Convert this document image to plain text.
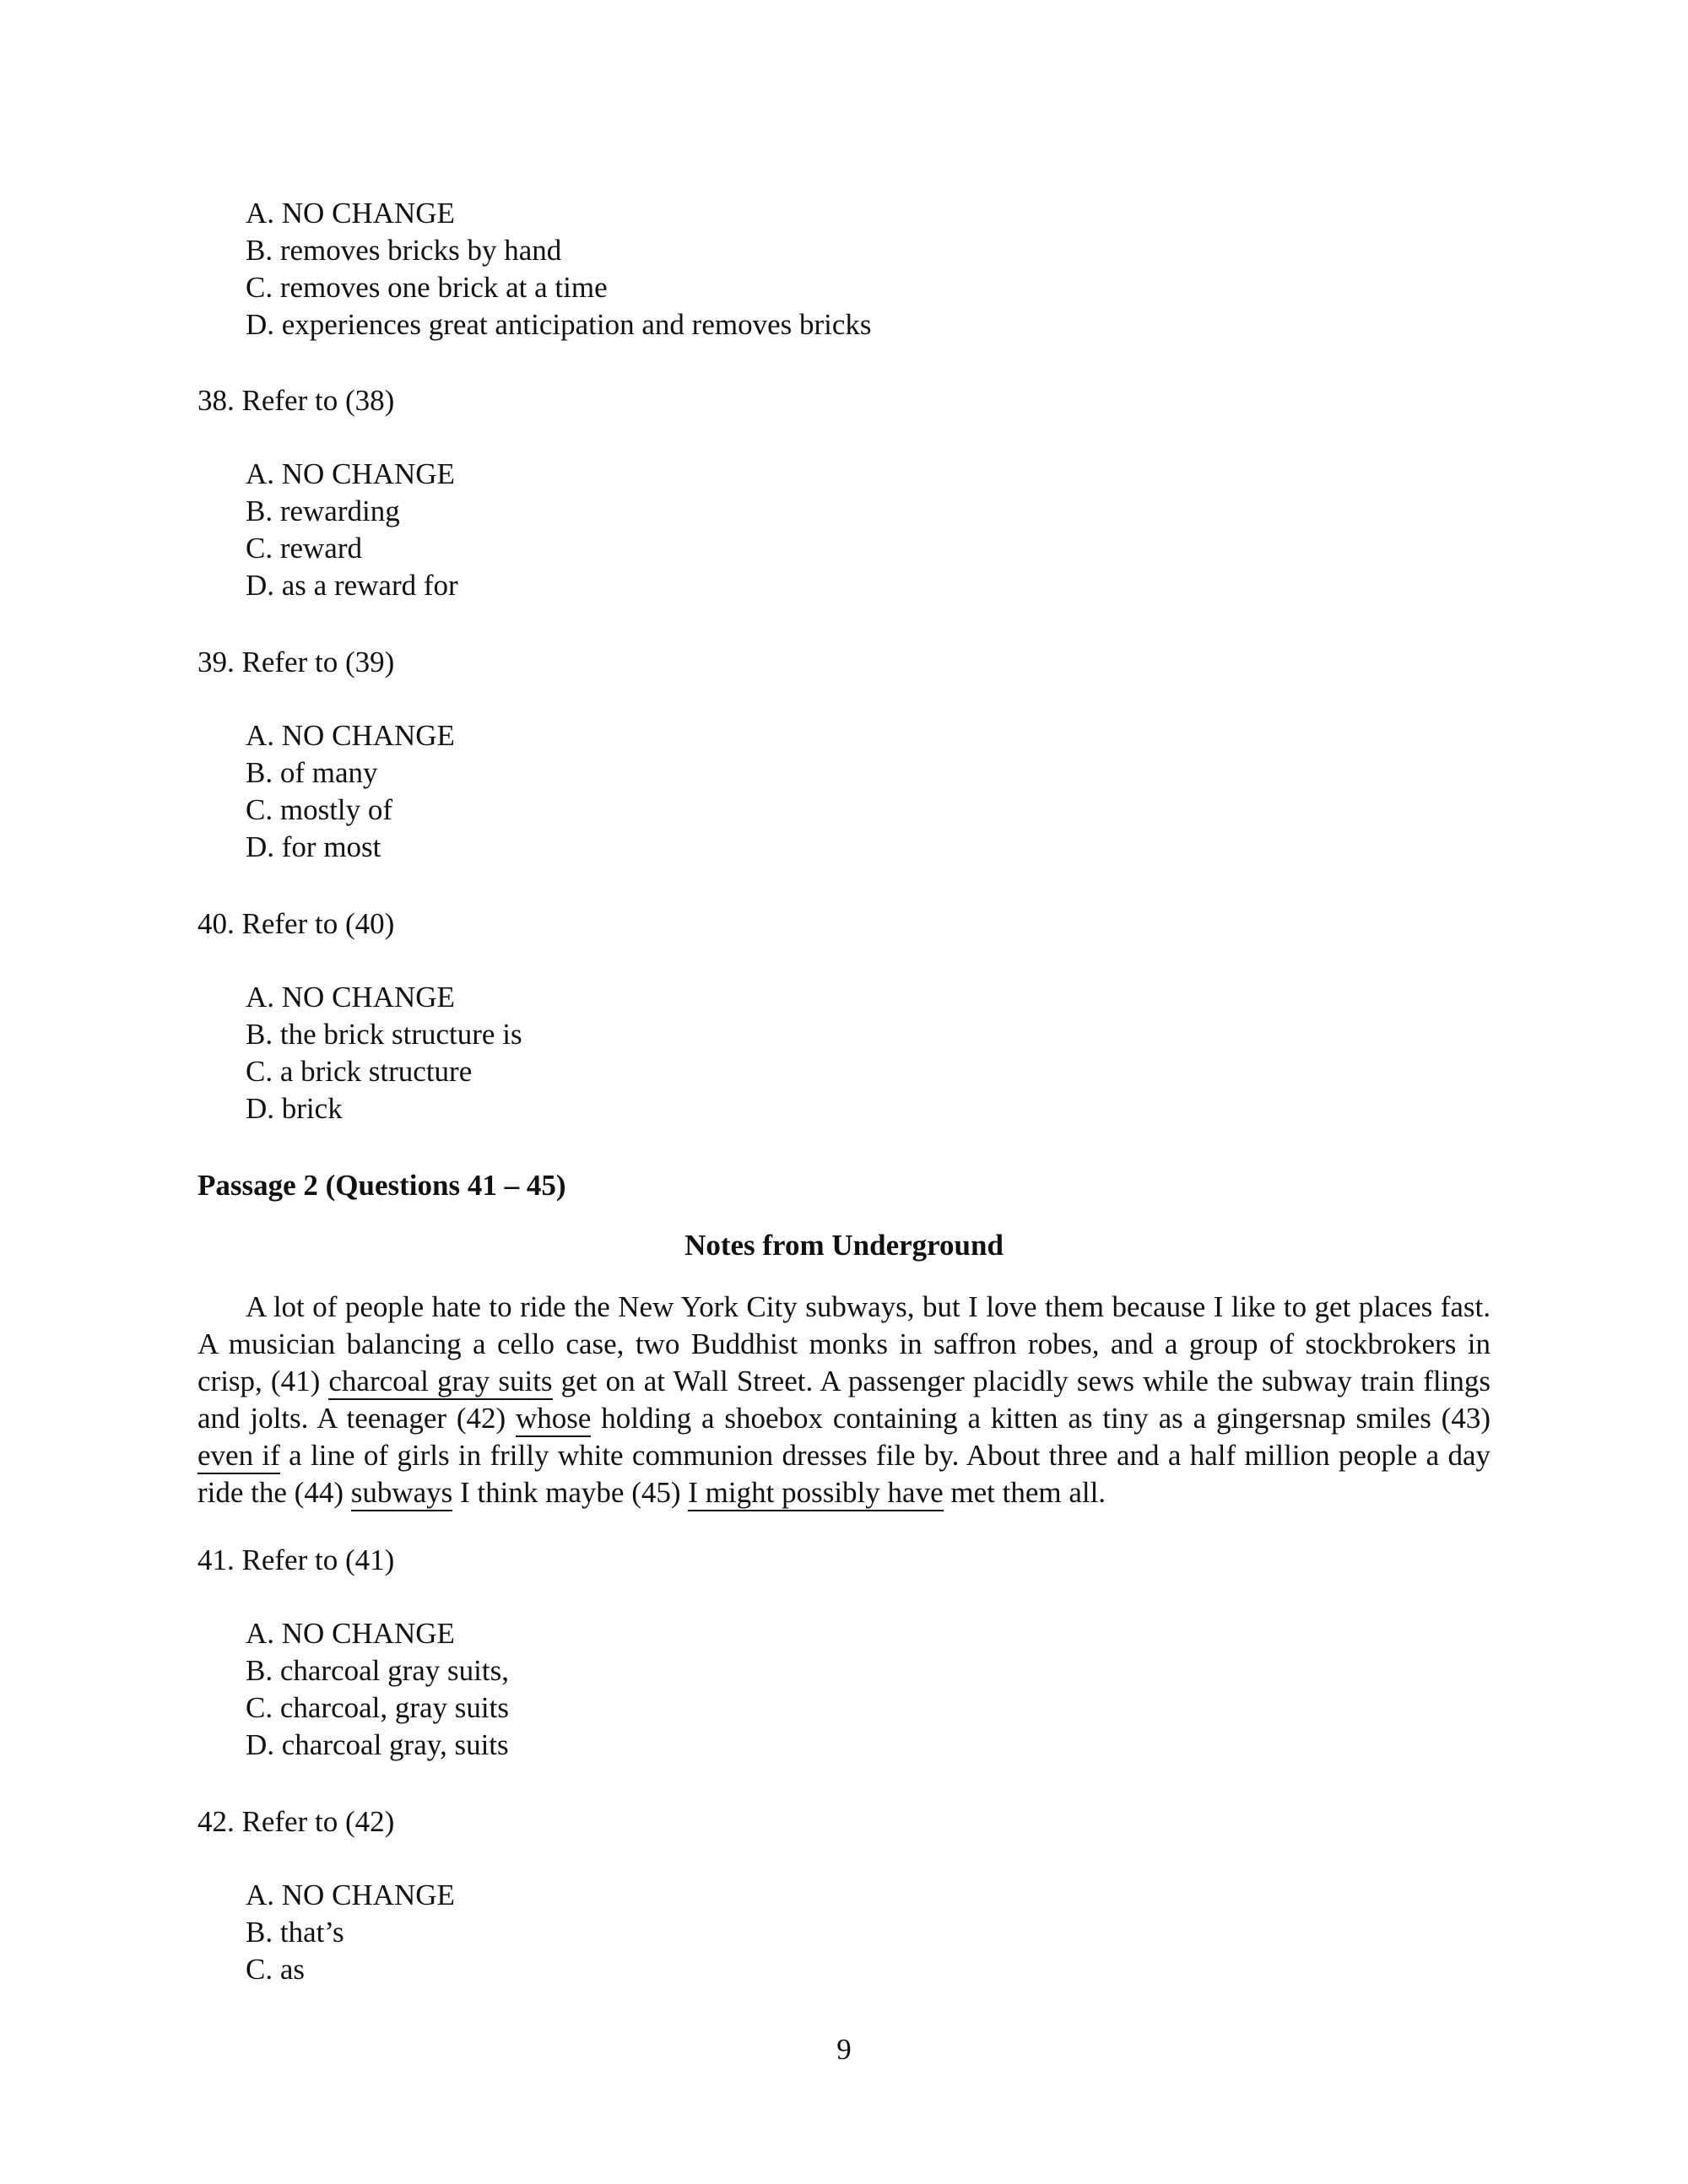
A. NO CHANGE
B. removes bricks by hand
C. removes one brick at a time
D. experiences great anticipation and removes bricks
38. Refer to (38)
A. NO CHANGE
B. rewarding
C. reward
D. as a reward for
39. Refer to (39)
A. NO CHANGE
B. of many
C. mostly of
D. for most
40. Refer to (40)
A. NO CHANGE
B. the brick structure is
C. a brick structure
D. brick
Passage 2 (Questions 41 – 45)
Notes from Underground

A lot of people hate to ride the New York City subways, but I love them because I like to get places fast. A musician balancing a cello case, two Buddhist monks in saffron robes, and a group of stockbrokers in crisp, (41) charcoal gray suits get on at Wall Street. A passenger placidly sews while the subway train flings and jolts. A teenager (42) whose holding a shoebox containing a kitten as tiny as a gingersnap smiles (43) even if a line of girls in frilly white communion dresses file by. About three and a half million people a day ride the (44) subways I think maybe (45) I might possibly have met them all.

41. Refer to (41)
A. NO CHANGE
B. charcoal gray suits,
C. charcoal, gray suits
D. charcoal gray, suits
42. Refer to (42)
A. NO CHANGE
B. that’s
C. as
9
